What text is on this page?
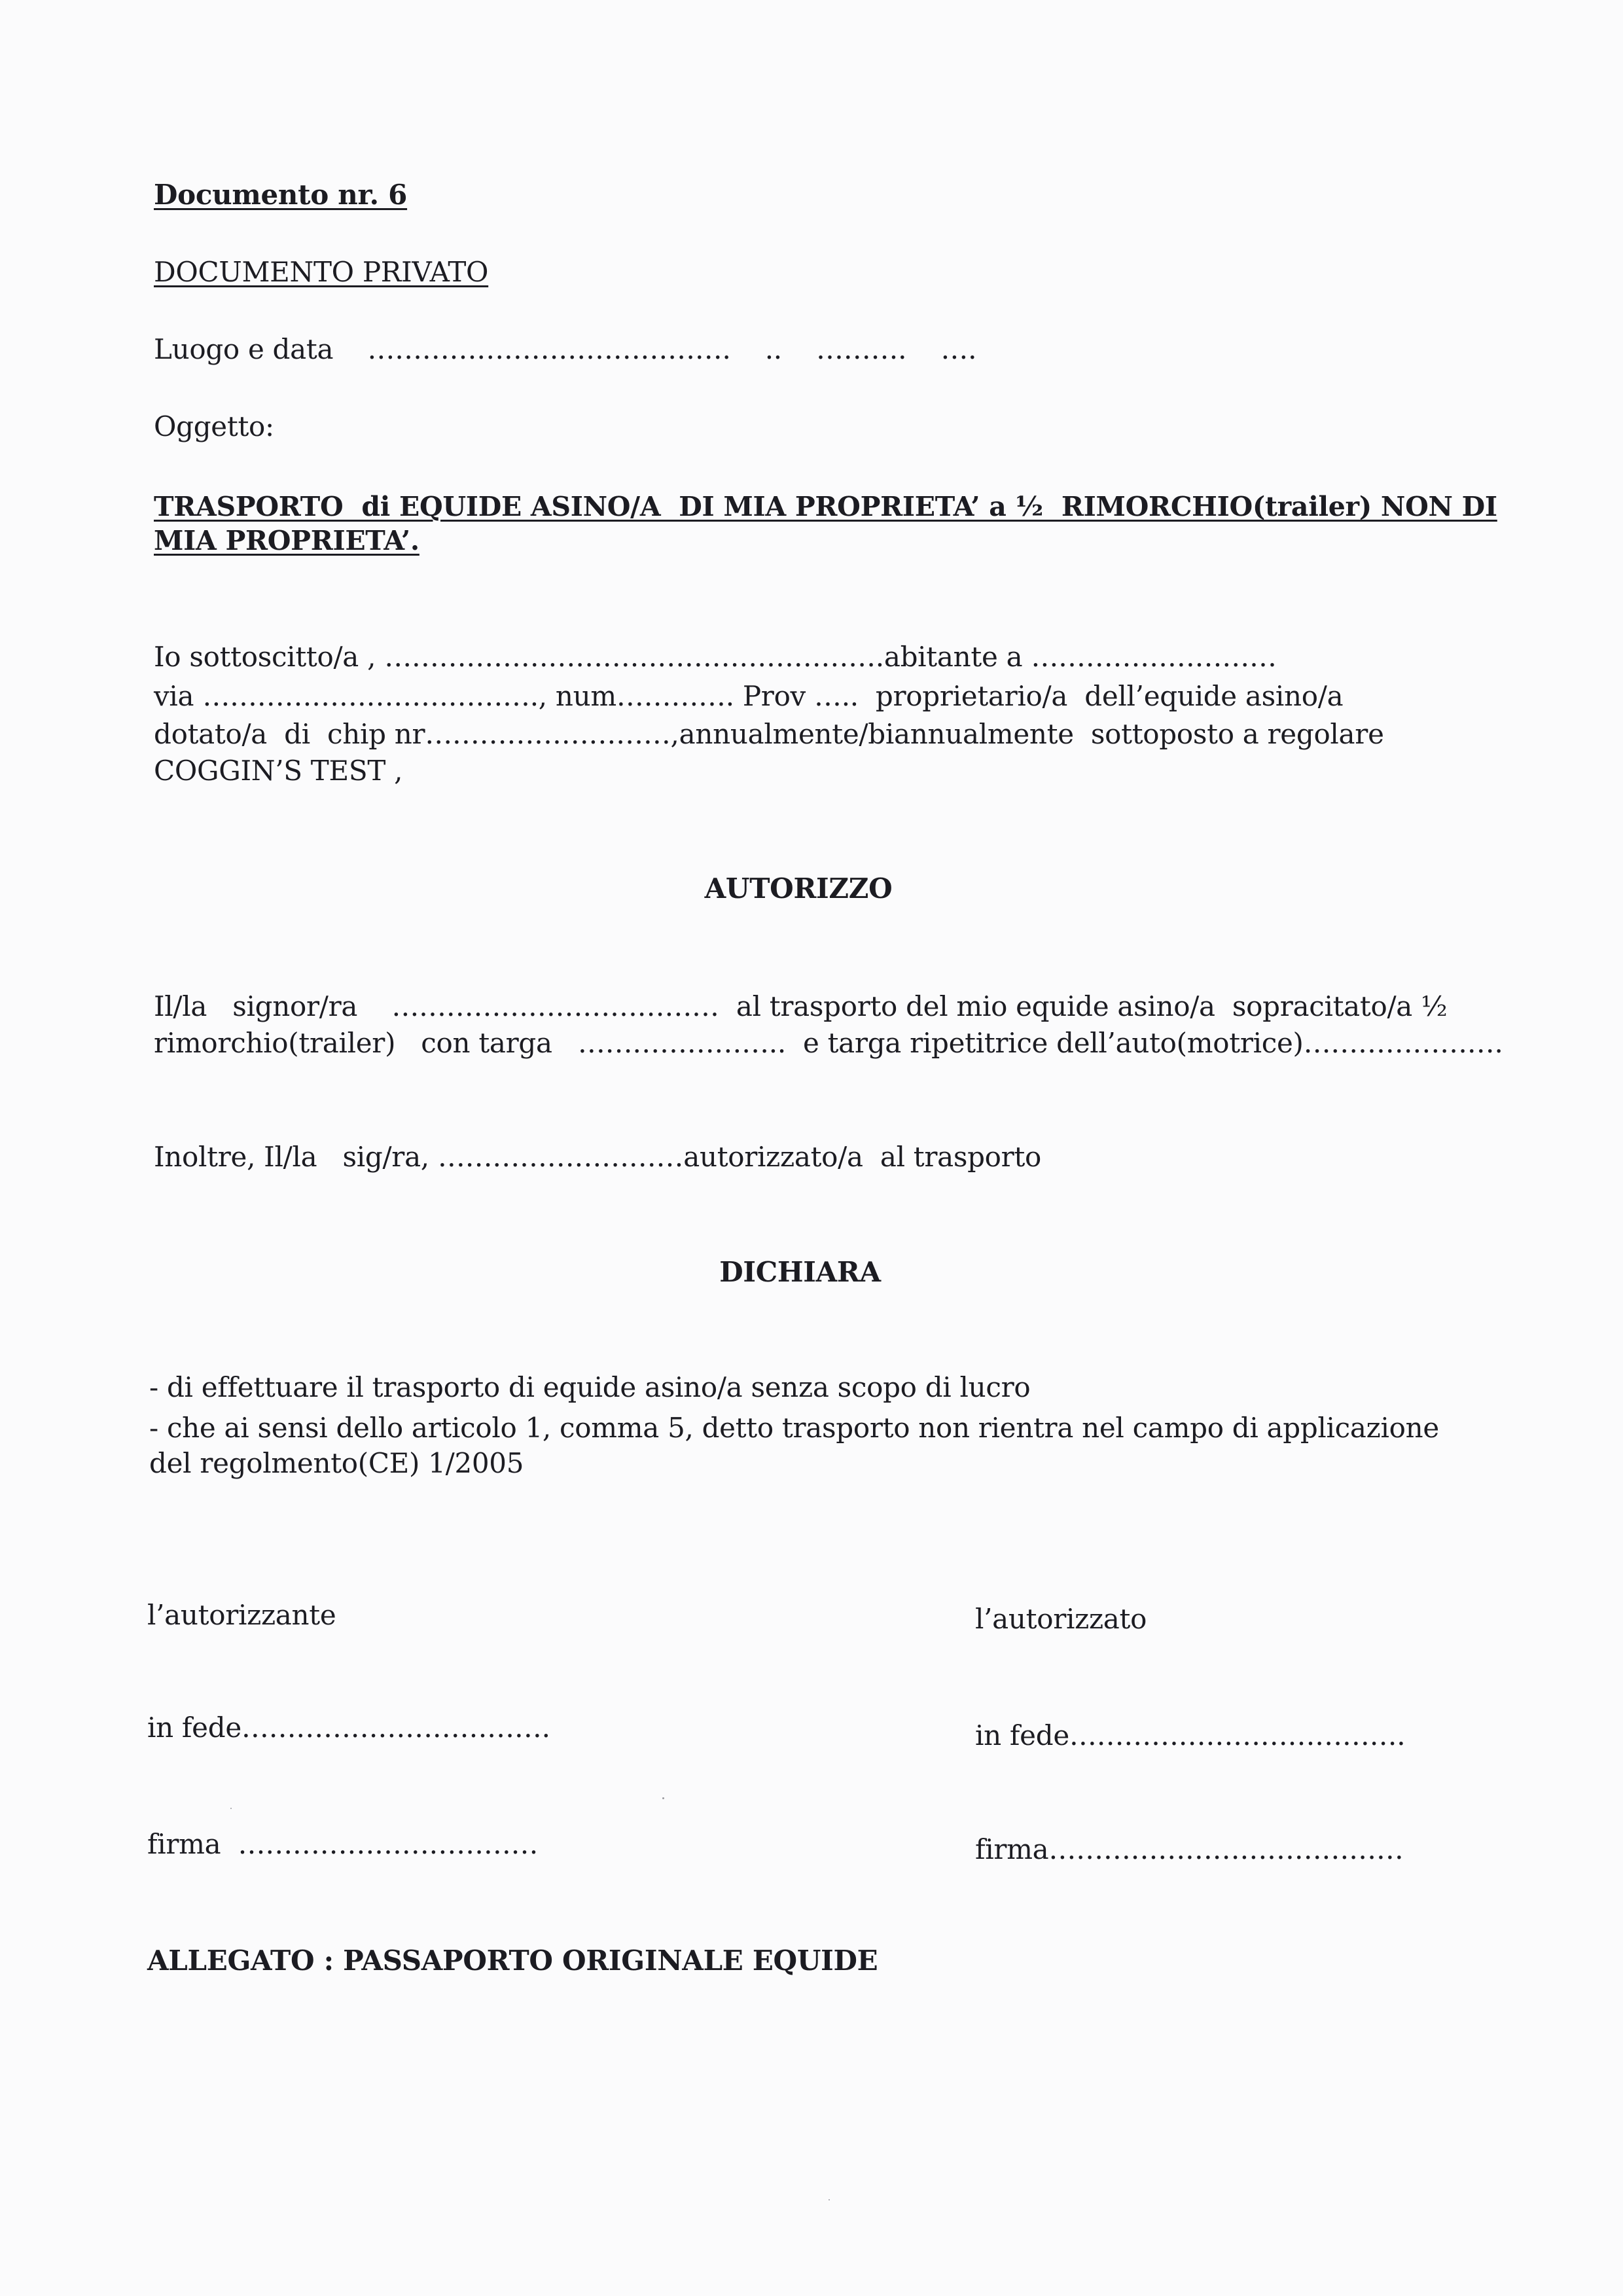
Documento nr. 6
DOCUMENTO PRIVATO
Luogo e data    ………………………………….    ..    ……….    ….
Oggetto:
TRASPORTO  di EQUIDE ASINO/A  DI MIA PROPRIETA’ a ½  RIMORCHIO(trailer) NON DI
MIA PROPRIETA’.
Io sottoscitto/a , ……………………………………………….abitante a ………………………
via ………………………………., num…………. Prov …..  proprietario/a  dell’equide asino/a
dotato/a  di  chip nr………………………,annualmente/biannualmente  sottoposto a regolare
COGGIN’S TEST ,
AUTORIZZO
Il/la   signor/ra    ………………………………  al trasporto del mio equide asino/a  sopracitato/a ½
rimorchio(trailer)   con targa   …………………..  e targa ripetitrice dell’auto(motrice)………………….
Inoltre, Il/la   sig/ra, ………………………autorizzato/a  al trasporto
DICHIARA
- di effettuare il trasporto di equide asino/a senza scopo di lucro
- che ai sensi dello articolo 1, comma 5, detto trasporto non rientra nel campo di applicazione
del regolmento(CE) 1/2005
l’autorizzante	l’autorizzato
in fede…………………………….	in fede……………………………….
firma  ……………………………	firma…………………………………
ALLEGATO : PASSAPORTO ORIGINALE EQUIDE
